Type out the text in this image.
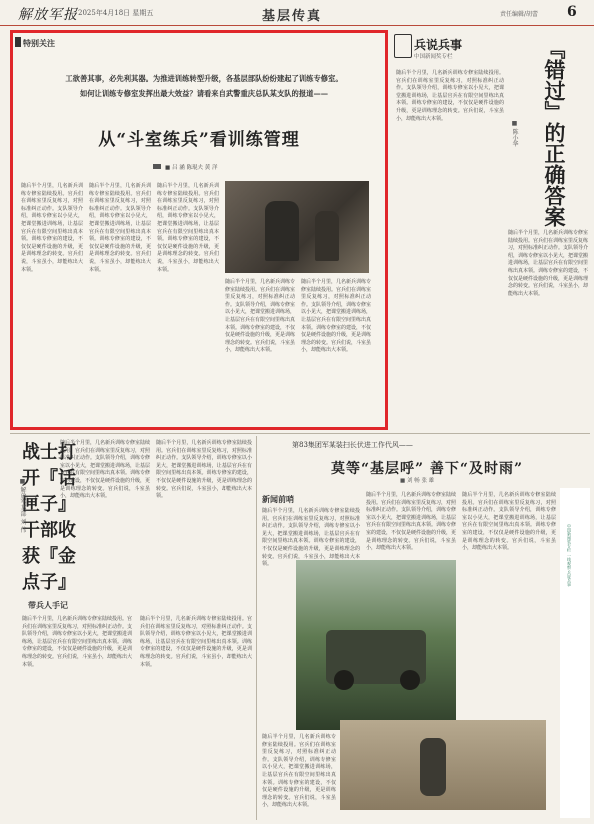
解放军报 2025年4月18日 星期五	基层传真	责任编辑/胡蕾 6
特别关注
工欲善其事，必先利其器。为推进训练转型升级，各基层部队纷纷建起了训练专修室。
如何让训练专修室发挥出最大效益？请看来自武警重庆总队某支队的报道——
从“斗室练兵”看训练管理
■ 吕 涵 陈琨夫 黄 洋
随后半个月里，几名新兵训练专修室陆续投用。官兵们在训练室里反复练习，对照标准纠正动作。支队领导介绍，训练专修室以小见大，把课堂搬进训练场，让基层官兵在有限空间里练出真本领。训练专修室的建设，不仅仅是硬件设施的升级，更是训练理念的转变。官兵们说，斗室虽小，却能练出大本领。
随后半个月里，几名新兵训练专修室陆续投用。官兵们在训练室里反复练习，对照标准纠正动作。支队领导介绍，训练专修室以小见大，把课堂搬进训练场，让基层官兵在有限空间里练出真本领。训练专修室的建设，不仅仅是硬件设施的升级，更是训练理念的转变。官兵们说，斗室虽小，却能练出大本领。
随后半个月里，几名新兵训练专修室陆续投用。官兵们在训练室里反复练习，对照标准纠正动作。支队领导介绍，训练专修室以小见大，把课堂搬进训练场，让基层官兵在有限空间里练出真本领。训练专修室的建设，不仅仅是硬件设施的升级，更是训练理念的转变。官兵们说，斗室虽小，却能练出大本领。
随后半个月里，几名新兵训练专修室陆续投用。官兵们在训练室里反复练习，对照标准纠正动作。支队领导介绍，训练专修室以小见大，把课堂搬进训练场，让基层官兵在有限空间里练出真本领。训练专修室的建设，不仅仅是硬件设施的升级，更是训练理念的转变。官兵们说，斗室虽小，却能练出大本领。
随后半个月里，几名新兵训练专修室陆续投用。官兵们在训练室里反复练习，对照标准纠正动作。支队领导介绍，训练专修室以小见大，把课堂搬进训练场，让基层官兵在有限空间里练出真本领。训练专修室的建设，不仅仅是硬件设施的升级，更是训练理念的转变。官兵们说，斗室虽小，却能练出大本领。
兵说兵事
中国新闻奖专栏
随后半个月里，几名新兵训练专修室陆续投用。官兵们在训练室里反复练习，对照标准纠正动作。支队领导介绍，训练专修室以小见大，把课堂搬进训练场，让基层官兵在有限空间里练出真本领。训练专修室的建设，不仅仅是硬件设施的升级，更是训练理念的转变。官兵们说，斗室虽小，却能练出大本领。	『错过』的正确答案
■ 陈小华
随后半个月里，几名新兵训练专修室陆续投用。官兵们在训练室里反复练习，对照标准纠正动作。支队领导介绍，训练专修室以小见大，把课堂搬进训练场，让基层官兵在有限空间里练出真本领。训练专修室的建设，不仅仅是硬件设施的升级，更是训练理念的转变。官兵们说，斗室虽小，却能练出大本领。
战士打开『话匣子』干部收获『金点子』
■ 解放军某部 刘 伟
随后半个月里，几名新兵训练专修室陆续投用。官兵们在训练室里反复练习，对照标准纠正动作。支队领导介绍，训练专修室以小见大，把课堂搬进训练场，让基层官兵在有限空间里练出真本领。训练专修室的建设，不仅仅是硬件设施的升级，更是训练理念的转变。官兵们说，斗室虽小，却能练出大本领。
随后半个月里，几名新兵训练专修室陆续投用。官兵们在训练室里反复练习，对照标准纠正动作。支队领导介绍，训练专修室以小见大，把课堂搬进训练场，让基层官兵在有限空间里练出真本领。训练专修室的建设，不仅仅是硬件设施的升级，更是训练理念的转变。官兵们说，斗室虽小，却能练出大本领。
带兵人手记
随后半个月里，几名新兵训练专修室陆续投用。官兵们在训练室里反复练习，对照标准纠正动作。支队领导介绍，训练专修室以小见大，把课堂搬进训练场，让基层官兵在有限空间里练出真本领。训练专修室的建设，不仅仅是硬件设施的升级，更是训练理念的转变。官兵们说，斗室虽小，却能练出大本领。
随后半个月里，几名新兵训练专修室陆续投用。官兵们在训练室里反复练习，对照标准纠正动作。支队领导介绍，训练专修室以小见大，把课堂搬进训练场，让基层官兵在有限空间里练出真本领。训练专修室的建设，不仅仅是硬件设施的升级，更是训练理念的转变。官兵们说，斗室虽小，却能练出大本领。
第83集团军某装扫长伏进工作代风——
莫等“基层呼” 善下“及时雨”
■ 刘 畅 张 雄
新闻前哨
随后半个月里，几名新兵训练专修室陆续投用。官兵们在训练室里反复练习，对照标准纠正动作。支队领导介绍，训练专修室以小见大，把课堂搬进训练场，让基层官兵在有限空间里练出真本领。训练专修室的建设，不仅仅是硬件设施的升级，更是训练理念的转变。官兵们说，斗室虽小，却能练出大本领。
随后半个月里，几名新兵训练专修室陆续投用。官兵们在训练室里反复练习，对照标准纠正动作。支队领导介绍，训练专修室以小见大，把课堂搬进训练场，让基层官兵在有限空间里练出真本领。训练专修室的建设，不仅仅是硬件设施的升级，更是训练理念的转变。官兵们说，斗室虽小，却能练出大本领。
随后半个月里，几名新兵训练专修室陆续投用。官兵们在训练室里反复练习，对照标准纠正动作。支队领导介绍，训练专修室以小见大，把课堂搬进训练场，让基层官兵在有限空间里练出真本领。训练专修室的建设，不仅仅是硬件设施的升级，更是训练理念的转变。官兵们说，斗室虽小，却能练出大本领。
随后半个月里，几名新兵训练专修室陆续投用。官兵们在训练室里反复练习，对照标准纠正动作。支队领导介绍，训练专修室以小见大，把课堂搬进训练场，让基层官兵在有限空间里练出真本领。训练专修室的建设，不仅仅是硬件设施的升级，更是训练理念的转变。官兵们说，斗室虽小，却能练出大本领。
中国新闻奖专栏 一线观察 兵说兵事
